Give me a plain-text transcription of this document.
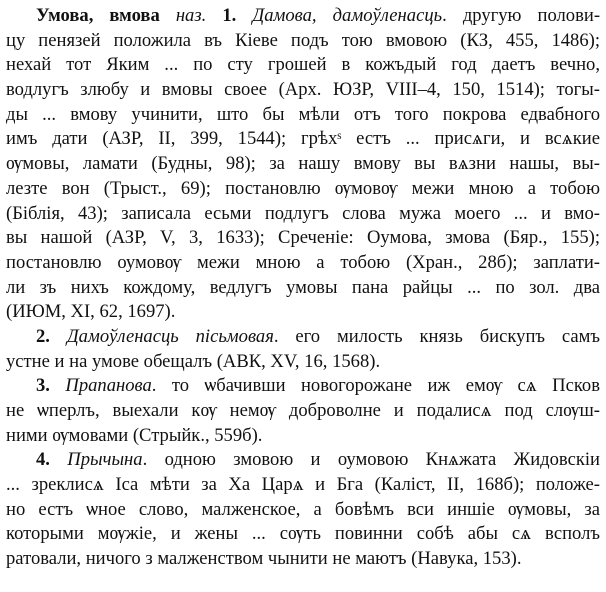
Умова, вмова наз. 1. Дамова, дамоўленасць. другую полови-
цу пенязей положила въ Кіеве подъ тою вмовою (КЗ, 455, 1486);
нехай тот Яким ... по сту грошей в кожъдый год даетъ вечно,
водлугъ злюбу и вмовы своее (Арх. ЮЗР, VIII–4, 150, 1514); тогы-
ды ... вмову учинити, што бы мѣли отъ того покрова едвабного
имъ дати (АЗР, II, 399, 1544); грѣхˢ естъ ... присѧги, и всѧкие
ѹмовы, ламати (Будны, 98); за нашу вмову вы вѧзни нашы, вы-
лезте вон (Трыст., 69); постановлю ѹмовѹ межи мною а тобою
(Біблія, 43); записала есьми подлугъ слова мужа моего ... и вмо-
вы нашой (АЗР, V, 3, 1633); Среченіе: Оумова, змова (Бяр., 155);
постановлю оумовѹ межи мною а тобою (Хран., 28б); заплати-
ли зъ нихъ кождому, ведлугъ умовы пана райцы ... по зол. два
(ИЮМ, XI, 62, 1697).
2. Дамоўленасць пісьмовая. его милость князь бискупъ самъ
устне и на умове обещалъ (АВК, XV, 16, 1568).
3. Прапанова. то ѡбачивши новогорожане иж емѹ сѧ Псков
не ѡперлъ, выехали кѹ немѹ доброволне и подалисѧ под слѹш-
ними ѹмовами (Стрыйк., 559б).
4. Прычына. одною змовою и оумовою Кнѧжата Жидовскіи
... зреклисѧ Іса мѣти за Ха Царѧ и Бга (Каліст, II, 168б); положе-
но естъ ѡное слово, малженское, а бовѣмъ вси иншіе ѹмовы, за
которыми мѹжіе, и жены ... сѹть повинни собѣ абы сѧ вcполъ
ратовали, ничого з малженством чынити не маютъ (Навука, 153).
